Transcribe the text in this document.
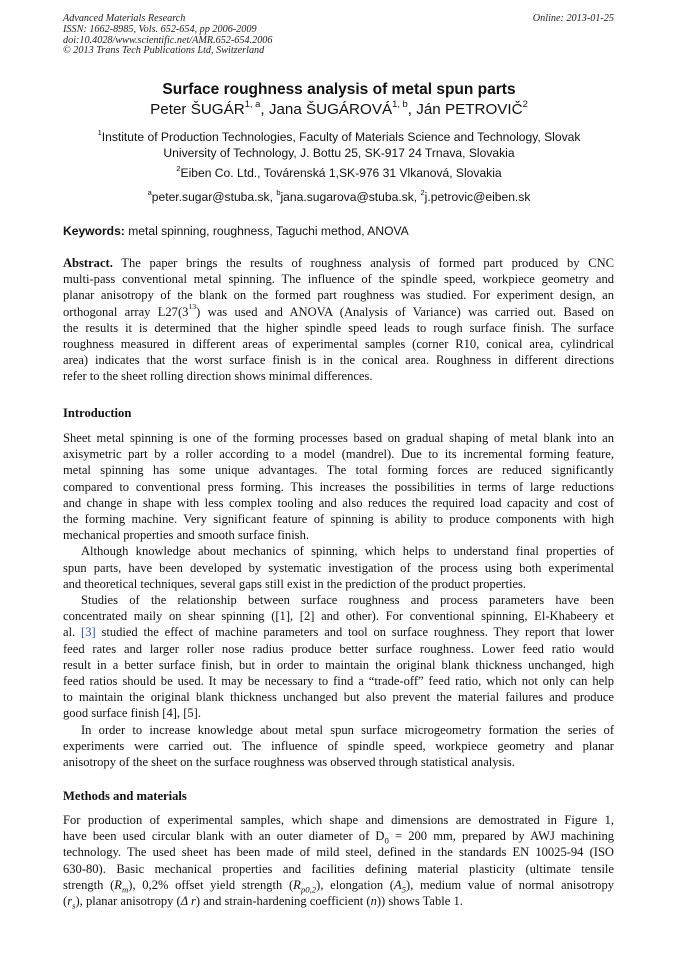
Advanced Materials Research
ISSN: 1662-8985, Vols. 652-654, pp 2006-2009
doi:10.4028/www.scientific.net/AMR.652-654.2006
© 2013 Trans Tech Publications Ltd, Switzerland
Online: 2013-01-25
Surface roughness analysis of metal spun parts
Peter ŠUGÁR$^{1, a}$, Jana ŠUGÁROVÁ$^{1, b}$, Ján PETROVIČ$^2$
$^1$Institute of Production Technologies, Faculty of Materials Science and Technology, Slovak
University of Technology, J. Bottu 25, SK-917 24 Trnava, Slovakia
$^2$Eiben Co. Ltd., Továrenská 1,SK-976 31 Vlkanová, Slovakia
$^a$peter.sugar@stuba.sk, $^b$jana.sugarova@stuba.sk, $^2$j.petrovic@eiben.sk
Keywords: metal spinning, roughness, Taguchi method, ANOVA
Abstract. The paper brings the results of roughness analysis of formed part produced by CNC
multi-pass conventional metal spinning. The influence of the spindle speed, workpiece geometry and
planar anisotropy of the blank on the formed part roughness was studied. For experiment design, an
orthogonal array $L27(3^{13})$ was used and ANOVA (Analysis of Variance) was carried out. Based on
the results it is determined that the higher spindle speed leads to rough surface finish. The surface
roughness measured in different areas of experimental samples (corner R10, conical area, cylindrical
area) indicates that the worst surface finish is in the conical area. Roughness in different directions
refer to the sheet rolling direction shows minimal differences.
Introduction
Sheet metal spinning is one of the forming processes based on gradual shaping of metal blank into an
axisymetric part by a roller according to a model (mandrel). Due to its incremental forming feature,
metal spinning has some unique advantages. The total forming forces are reduced significantly
compared to conventional press forming. This increases the possibilities in terms of large reductions
and change in shape with less complex tooling and also reduces the required load capacity and cost of
the forming machine. Very significant feature of spinning is ability to produce components with high
mechanical properties and smooth surface finish.
Although knowledge about mechanics of spinning, which helps to understand final properties of
spun parts, have been developed by systematic investigation of the process using both experimental
and theoretical techniques, several gaps still exist in the prediction of the product properties.
Studies of the relationship between surface roughness and process parameters have been
concentrated maily on shear spinning ([1], [2] and other). For conventional spinning, El-Khabeery et
al. [3] studied the effect of machine parameters and tool on surface roughness. They report that lower
feed rates and larger roller nose radius produce better surface roughness. Lower feed ratio would
result in a better surface finish, but in order to maintain the original blank thickness unchanged, high
feed ratios should be used. It may be necessary to find a “trade-off” feed ratio, which not only can help
to maintain the original blank thickness unchanged but also prevent the material failures and produce
good surface finish [4], [5].
In order to increase knowledge about metal spun surface microgeometry formation the series of
experiments were carried out. The influence of spindle speed, workpiece geometry and planar
anisotropy of the sheet on the surface roughness was observed through statistical analysis.
Methods and materials
For production of experimental samples, which shape and dimensions are demostrated in Figure 1,
have been used circular blank with an outer diameter of $D_0 = 200$ mm, prepared by AWJ machining
technology. The used sheet has been made of mild steel, defined in the standards EN 10025-94 (ISO
630-80). Basic mechanical properties and facilities defining material plasticity (ultimate tensile
strength $(R_m)$, 0,2% offset yield strength $(R_{p0,2})$, elongation $(A_5)$, medium value of normal anisotropy
$(r_s)$, planar anisotropy (Δ r) and strain-hardening coefficient (n)) shows Table 1.
